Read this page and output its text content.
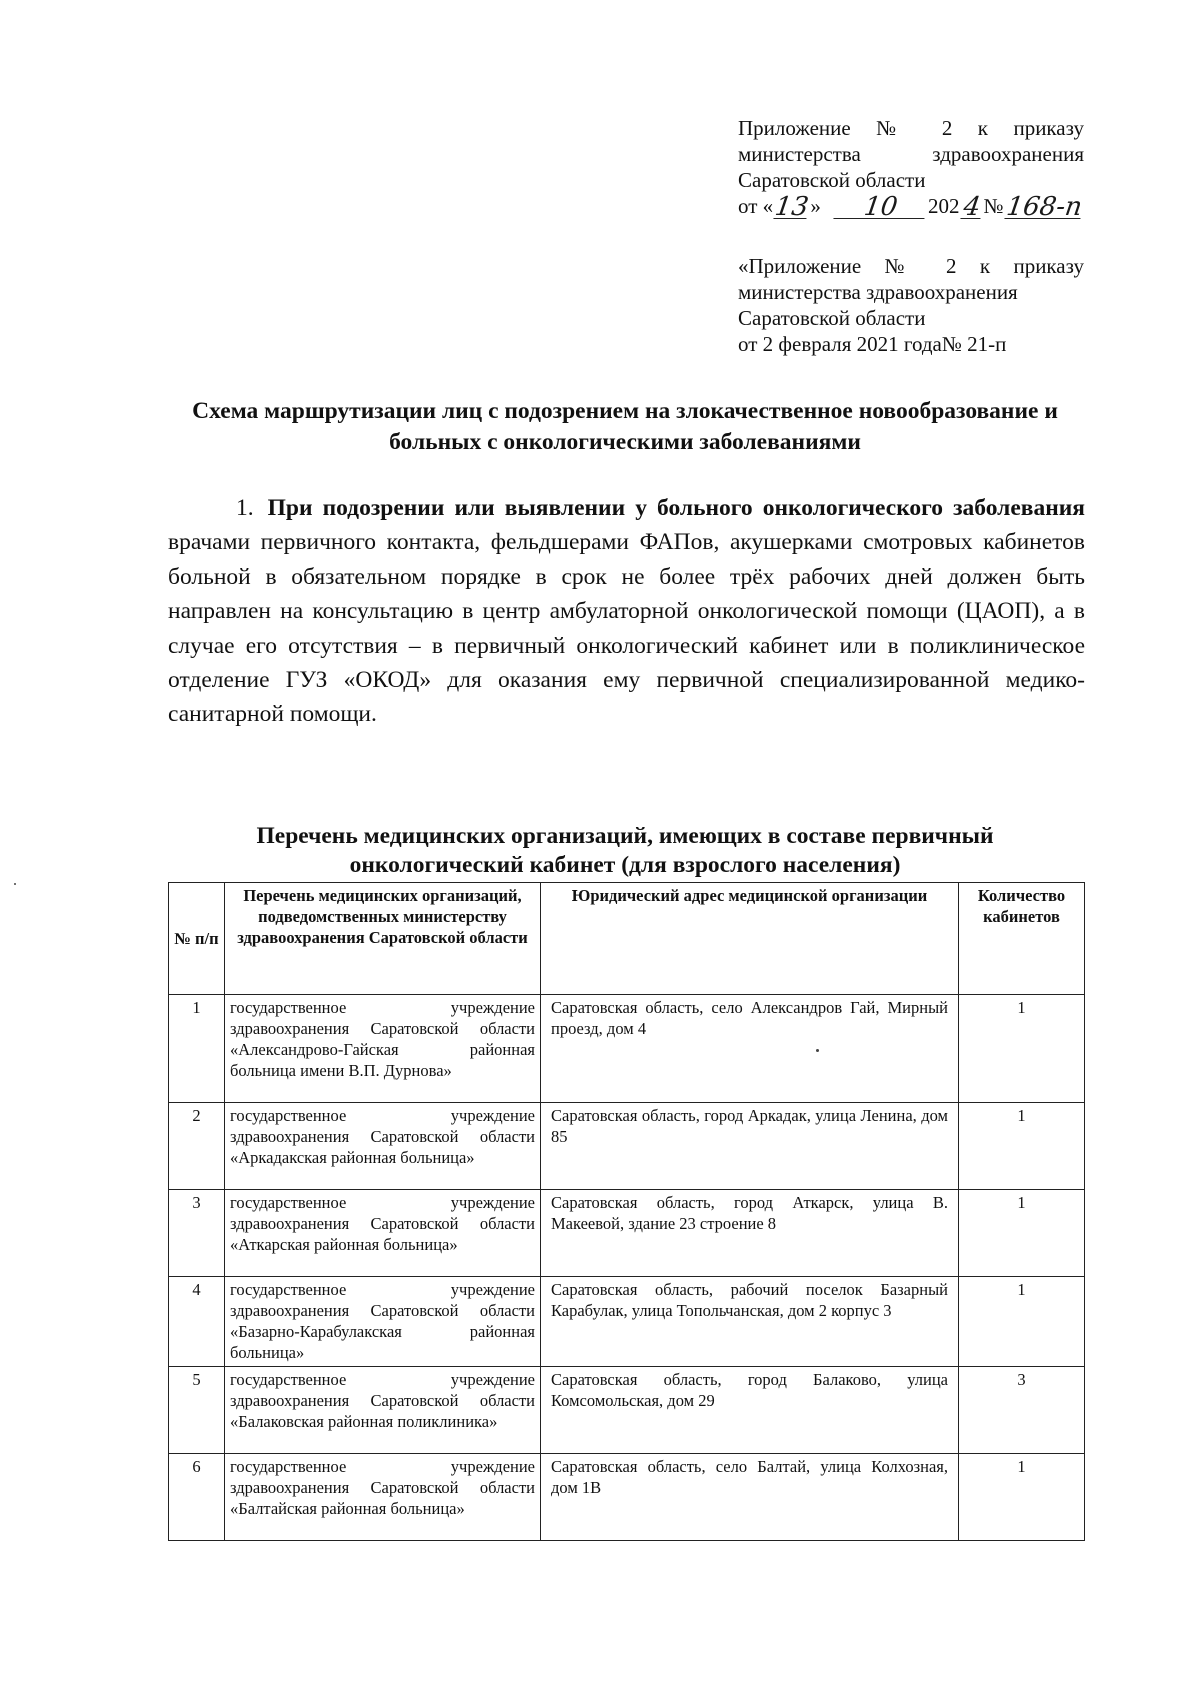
Приложение № 2 к приказу
министерства здравоохранения
Саратовской области
от « 13 »	10	202 4 № 168-п
«Приложение № 2 к приказу
министерства здравоохранения
Саратовской области
от 2 февраля 2021 года№ 21-п
Схема маршрутизации лиц с подозрением на злокачественное новообразование и больных с онкологическими заболеваниями
1. При подозрении или выявлении у больного онкологического заболевания врачами первичного контакта, фельдшерами ФАПов, акушерками смотровых кабинетов больной в обязательном порядке в срок не более трёх рабочих дней должен быть направлен на консультацию в центр амбулаторной онкологической помощи (ЦАОП), а в случае его отсутствия – в первичный онкологический кабинет или в поликлиническое отделение ГУЗ «ОКОД» для оказания ему первичной специализированной медико-санитарной помощи.
Перечень медицинских организаций, имеющих в составе первичный онкологический кабинет (для взрослого населения)
№ п/п	Перечень медицинских организаций, подведомственных министерству здравоохранения Саратовской области	Юридический адрес медицинской организации	Количество кабинетов
1	государственное учреждение здравоохранения Саратовской области «Александрово-Гайская районная больница имени В.П. Дурнова»	Саратовская область, село Александров Гай, Мирный проезд, дом 4	1
2	государственное учреждение здравоохранения Саратовской области «Аркадакская районная больница»	Саратовская область, город Аркадак, улица Ленина, дом 85	1
3	государственное учреждение здравоохранения Саратовской области «Аткарская районная больница»	Саратовская область, город Аткарск, улица В. Макеевой, здание 23 строение 8	1
4	государственное учреждение здравоохранения Саратовской области «Базарно-Карабулакская районная больница»	Саратовская область, рабочий поселок Базарный Карабулак, улица Топольчанская, дом 2 корпус 3	1
5	государственное учреждение здравоохранения Саратовской области «Балаковская районная поликлиника»	Саратовская область, город Балаково, улица Комсомольская, дом 29	3
6	государственное учреждение здравоохранения Саратовской области «Балтайская районная больница»	Саратовская область, село Балтай, улица Колхозная, дом 1В	1
